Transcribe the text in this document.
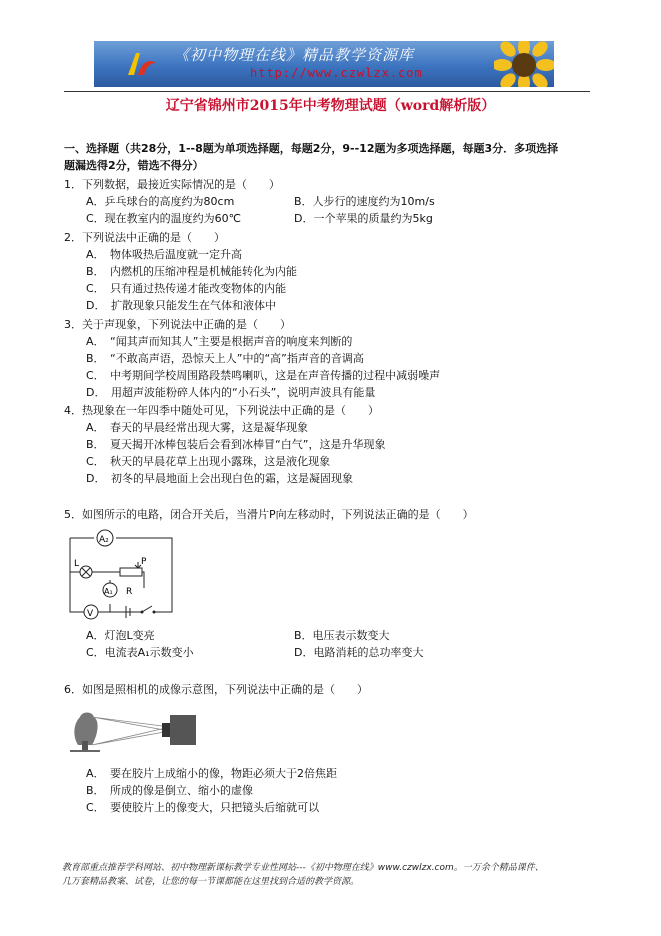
《初中物理在线》精品教学资源库
http://www.czwlzx.com
辽宁省锦州市2015年中考物理试题（word解析版）
一、选择题（共28分，1--8题为单项选择题，每题2分，9--12题为多项选择题，每题3分．多项选择
题漏选得2分，错选不得分）
1．下列数据，最接近实际情况的是（　　）
A．乒乓球台的高度约为80cm	B．人步行的速度约为10m/s
C．现在教室内的温度约为60℃	D．一个苹果的质量约为5kg
2．下列说法中正确的是（　　）
A．　物体吸热后温度就一定升高
B．　内燃机的压缩冲程是机械能转化为内能
C．　只有通过热传递才能改变物体的内能
D．　扩散现象只能发生在气体和液体中
3．关于声现象，下列说法中正确的是（　　）
A．　“闻其声而知其人”主要是根据声音的响度来判断的
B．　“不敢高声语，恐惊天上人”中的“高”指声音的音调高
C．　中考期间学校周围路段禁鸣喇叭，这是在声音传播的过程中减弱噪声
D．　用超声波能粉碎人体内的“小石头”，说明声波具有能量
4．热现象在一年四季中随处可见，下列说法中正确的是（　　）
A．　春天的早晨经常出现大雾，这是凝华现象
B．　夏天揭开冰棒包装后会看到冰棒冒“白气”，这是升华现象
C．　秋天的早晨花草上出现小露珠，这是液化现象
D．　初冬的早晨地面上会出现白色的霜，这是凝固现象
5．如图所示的电路，闭合开关后，当滑片P向左移动时，下列说法正确的是（　　）
A₂
L	P
A₁ R
V
A．灯泡L变亮	B．电压表示数变大
C．电流表A₁示数变小	D．电路消耗的总功率变大
6．如图是照相机的成像示意图，下列说法中正确的是（　　）
A．　要在胶片上成缩小的像，物距必须大于2倍焦距
B．　所成的像是倒立、缩小的虚像
C．　要使胶片上的像变大，只把镜头后缩就可以
教育部重点推荐学科网站、初中物理新课标教学专业性网站---《初中物理在线》www.czwlzx.com。一万余个精品课件、
几万套精品教案、试卷，让您的每一节课都能在这里找到合适的教学资源。
